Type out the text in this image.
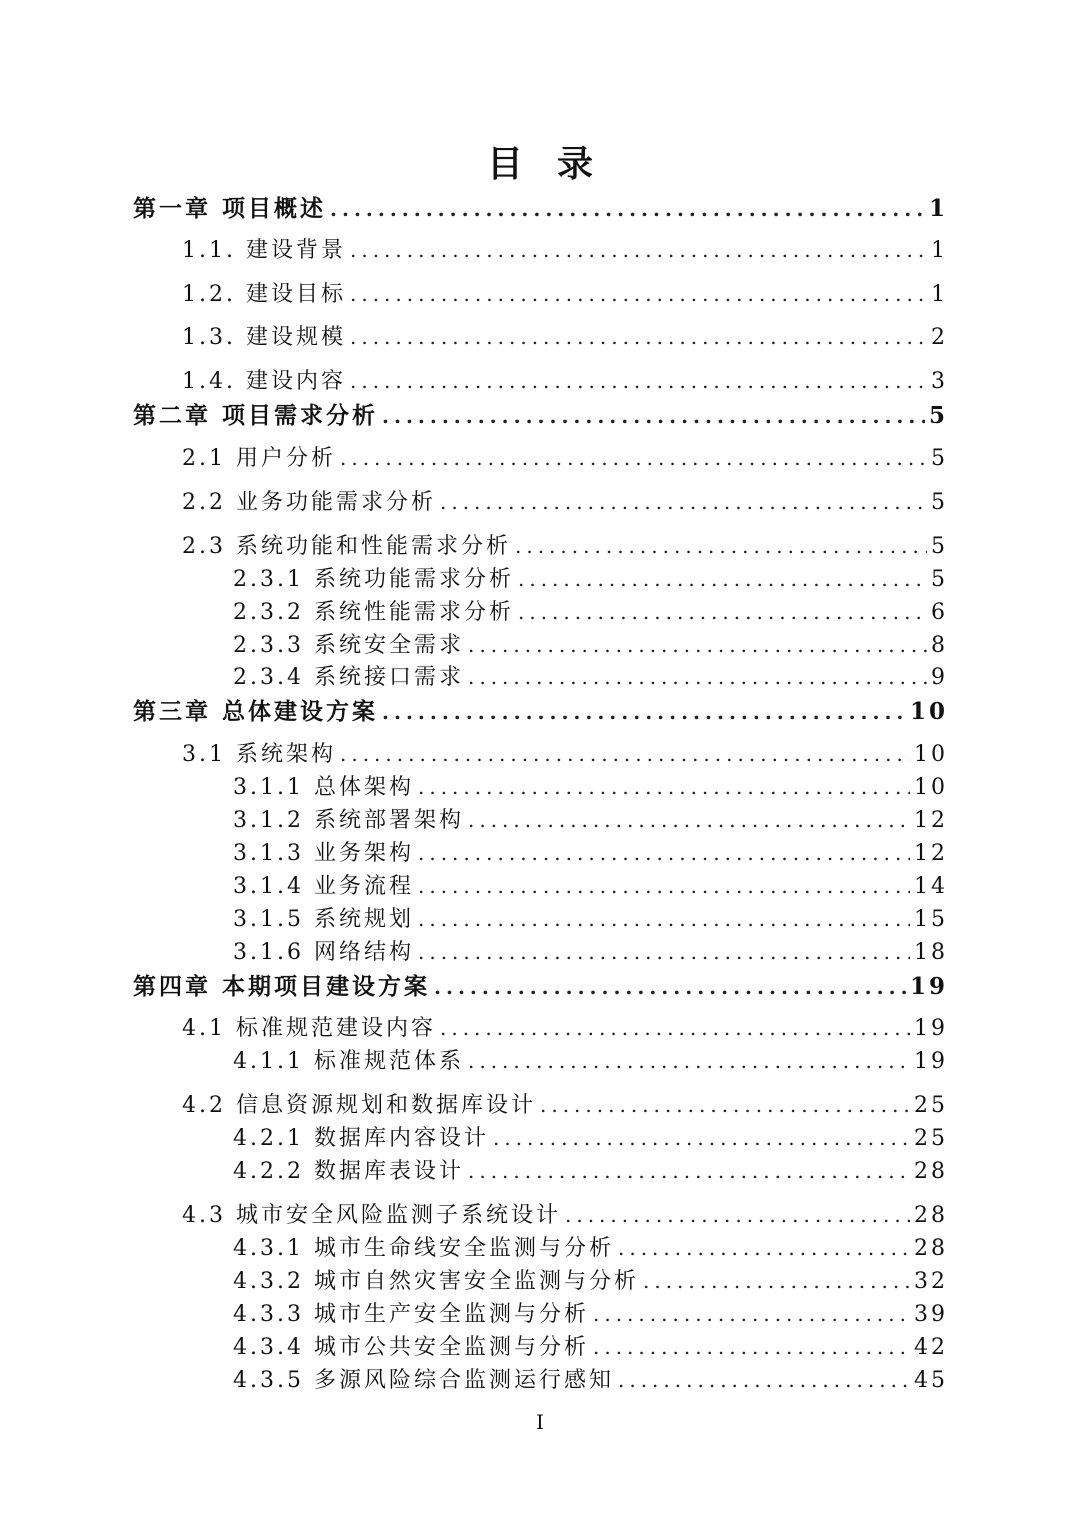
目录
第一章 项目概述 .....	1
1.1. 建设背景 .....	1
1.2. 建设目标 .....	1
1.3. 建设规模 .....	2
1.4. 建设内容 .....	3
第二章 项目需求分析 .....	5
2.1 用户分析 .....	5
2.2 业务功能需求分析 .....	5
2.3 系统功能和性能需求分析 .....	5
2.3.1 系统功能需求分析 .....	5
2.3.2 系统性能需求分析 .....	6
2.3.3 系统安全需求 .....	8
2.3.4 系统接口需求 .....	9
第三章 总体建设方案 .....	10
3.1 系统架构 .....	10
3.1.1 总体架构 .....	10
3.1.2 系统部署架构 .....	12
3.1.3 业务架构 .....	12
3.1.4 业务流程 .....	14
3.1.5 系统规划 .....	15
3.1.6 网络结构 .....	18
第四章 本期项目建设方案 .....	19
4.1 标准规范建设内容 .....	19
4.1.1 标准规范体系 .....	19
4.2 信息资源规划和数据库设计 .....	25
4.2.1 数据库内容设计 .....	25
4.2.2 数据库表设计 .....	28
4.3 城市安全风险监测子系统设计 .....	28
4.3.1 城市生命线安全监测与分析 .....	28
4.3.2 城市自然灾害安全监测与分析 .....	32
4.3.3 城市生产安全监测与分析 .....	39
4.3.4 城市公共安全监测与分析 .....	42
4.3.5 多源风险综合监测运行感知 .....	45
I
